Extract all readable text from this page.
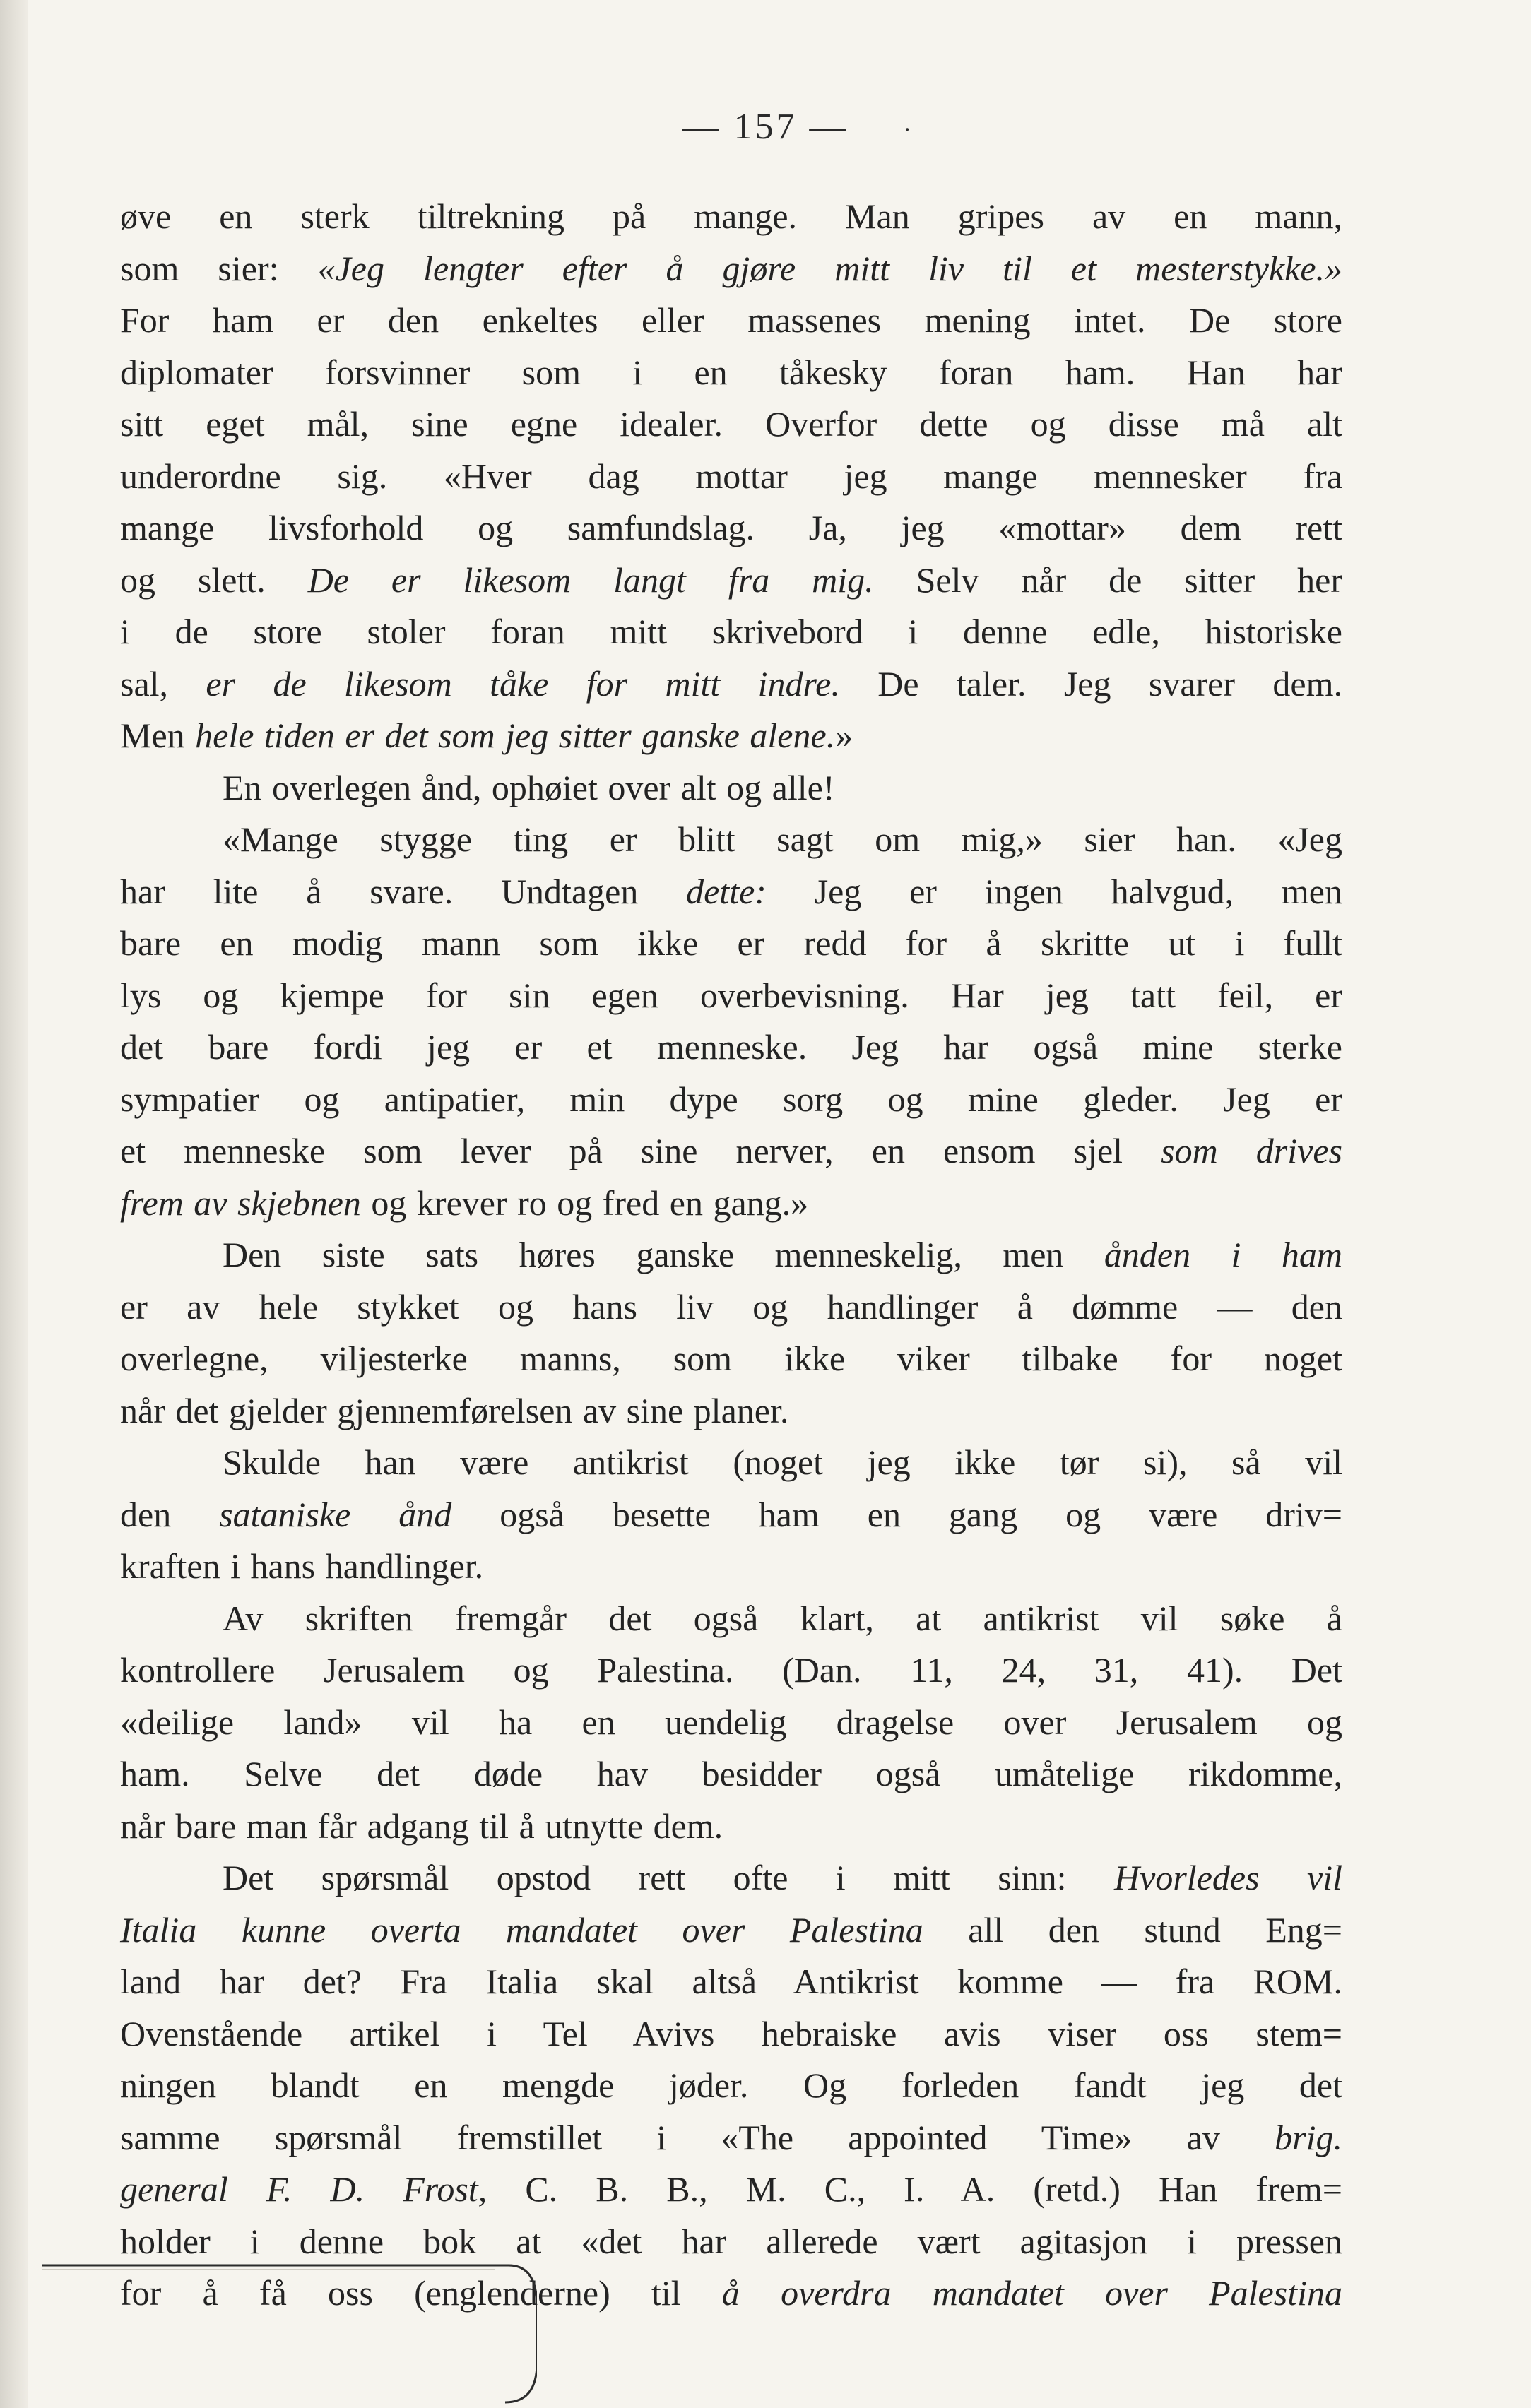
— 157 — .
øve en sterk tiltrekning på mange. Man gripes av en mann,
som sier: «Jeg lengter efter å gjøre mitt liv til et mesterstykke.»
For ham er den enkeltes eller massenes mening intet. De store
diplomater forsvinner som i en tåkesky foran ham. Han har
sitt eget mål, sine egne idealer. Overfor dette og disse må alt
underordne sig. «Hver dag mottar jeg mange mennesker fra
mange livsforhold og samfundslag. Ja, jeg «mottar» dem rett
og slett. De er likesom langt fra mig. Selv når de sitter her
i de store stoler foran mitt skrivebord i denne edle, historiske
sal, er de likesom tåke for mitt indre. De taler. Jeg svarer dem.
Men hele tiden er det som jeg sitter ganske alene.»
En overlegen ånd, ophøiet over alt og alle!
«Mange stygge ting er blitt sagt om mig,» sier han. «Jeg
har lite å svare. Undtagen dette: Jeg er ingen halvgud, men
bare en modig mann som ikke er redd for å skritte ut i fullt
lys og kjempe for sin egen overbevisning. Har jeg tatt feil, er
det bare fordi jeg er et menneske. Jeg har også mine sterke
sympatier og antipatier, min dype sorg og mine gleder. Jeg er
et menneske som lever på sine nerver, en ensom sjel som drives
frem av skjebnen og krever ro og fred en gang.»
Den siste sats høres ganske menneskelig, men ånden i ham
er av hele stykket og hans liv og handlinger å dømme — den
overlegne, viljesterke manns, som ikke viker tilbake for noget
når det gjelder gjennemførelsen av sine planer.
Skulde han være antikrist (noget jeg ikke tør si), så vil
den sataniske ånd også besette ham en gang og være driv=
kraften i hans handlinger.
Av skriften fremgår det også klart, at antikrist vil søke å
kontrollere Jerusalem og Palestina. (Dan. 11, 24, 31, 41). Det
«deilige land» vil ha en uendelig dragelse over Jerusalem og
ham. Selve det døde hav besidder også umåtelige rikdomme,
når bare man får adgang til å utnytte dem.
Det spørsmål opstod rett ofte i mitt sinn: Hvorledes vil
Italia kunne overta mandatet over Palestina all den stund Eng=
land har det? Fra Italia skal altså Antikrist komme — fra ROM.
Ovenstående artikel i Tel Avivs hebraiske avis viser oss stem=
ningen blandt en mengde jøder. Og forleden fandt jeg det
samme spørsmål fremstillet i «The appointed Time» av brig.
general F. D. Frost, C. B. B., M. C., I. A. (retd.) Han frem=
holder i denne bok at «det har allerede vært agitasjon i pressen
for å få oss (englenderne) til å overdra mandatet over Palestina
